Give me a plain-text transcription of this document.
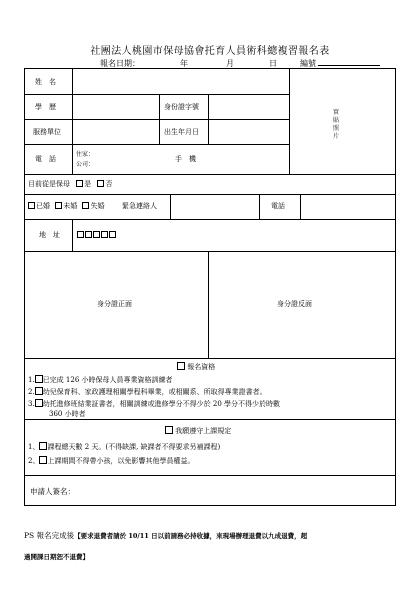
社團法人桃園市保母協會托育人員術科總複習報名表
報名日期：	年	月	日	編號
姓　名
學　歷	身份證字號
服務單位	出生年月日
電　話
住家：
公司：
手　機
實貼照片
目前從是保母 是 否
已婚 未婚 失婚	緊急連絡人	電話
地　址
身分證正面	身分證反面
報名資格
1. 已完成 126 小時保母人員專業資格訓練者
2. 幼兒保育科、家政護理相關學程科畢業，或相關系、所取得專業證書者。
3. 幼托進修班結業証書者，相關訓練或進修學分不得少於 20 學分不得少於時數
360 小時者
我願遵守上課規定
1、 課程總天數 2 天。(不得缺課, 缺課者不得要求另補課程)
2、 上課期間不得帶小孩，以免影響其他學員權益。
申請人簽名：
PS 報名完成後【要求退費者請於 10/11 日以前請務必持收據，來現場辦理退費以九成退費，超
過開課日期恕不退費】
